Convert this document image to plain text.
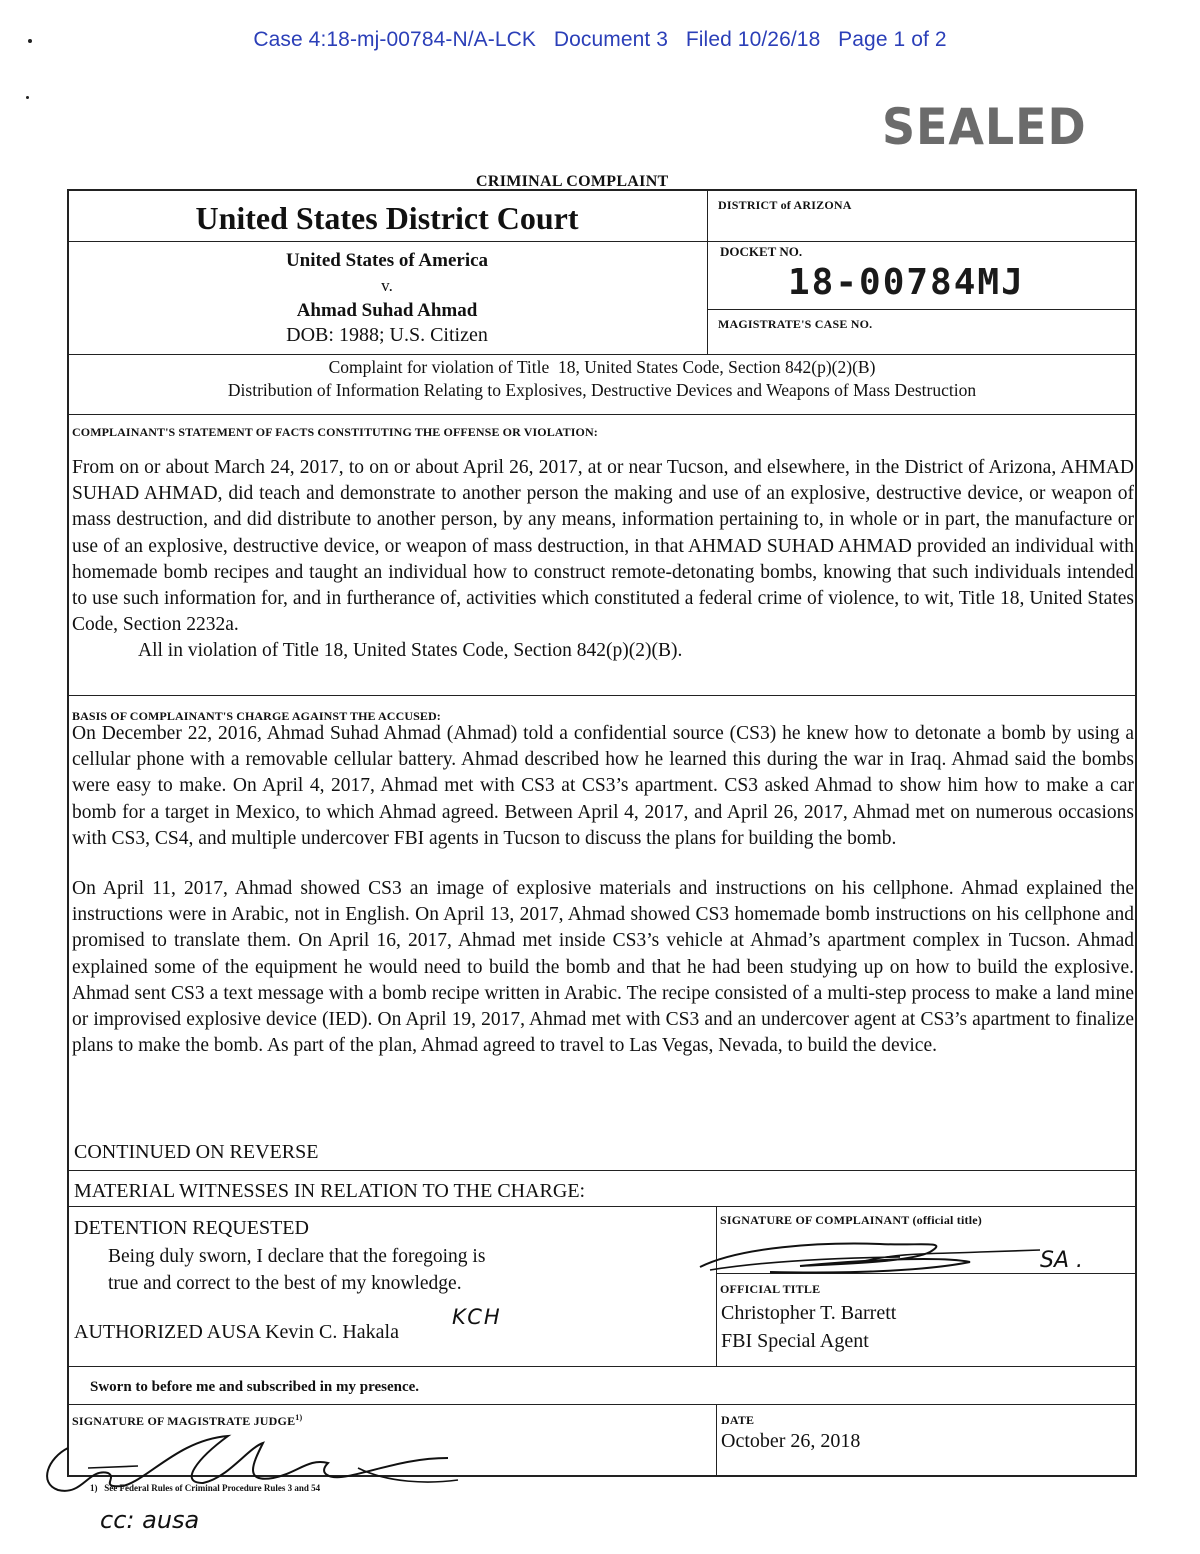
Case 4:18-mj-00784-N/A-LCK   Document 3   Filed 10/26/18   Page 1 of 2
SEALED
CRIMINAL COMPLAINT
United States District Court	DISTRICT of ARIZONA
United States of America
v.
Ahmad Suhad Ahmad
DOB: 1988; U.S. Citizen
DOCKET NO.
18-00784MJ
MAGISTRATE'S CASE NO.
Complaint for violation of Title  18, United States Code, Section 842(p)(2)(B)
Distribution of Information Relating to Explosives, Destructive Devices and Weapons of Mass Destruction
COMPLAINANT'S STATEMENT OF FACTS CONSTITUTING THE OFFENSE OR VIOLATION:

From on or about March 24, 2017, to on or about April 26, 2017, at or near Tucson, and elsewhere, in the District of Arizona, AHMAD SUHAD AHMAD, did teach and demonstrate to another person the making and use of an explosive, destructive device, or weapon of mass destruction, and did distribute to another person, by any means, information pertaining to, in whole or in part, the manufacture or use of an explosive, destructive device, or weapon of mass destruction, in that AHMAD SUHAD AHMAD provided an individual with homemade bomb recipes and taught an individual how to construct remote-detonating bombs, knowing that such individuals intended to use such information for, and in furtherance of, activities which constituted a federal crime of violence, to wit, Title 18, United States Code, Section 2232a.

All in violation of Title 18, United States Code, Section 842(p)(2)(B).

BASIS OF COMPLAINANT'S CHARGE AGAINST THE ACCUSED:

On December 22, 2016, Ahmad Suhad Ahmad (Ahmad) told a confidential source (CS3) he knew how to detonate a bomb by using a cellular phone with a removable cellular battery. Ahmad described how he learned this during the war in Iraq. Ahmad said the bombs were easy to make. On April 4, 2017, Ahmad met with CS3 at CS3’s apartment. CS3 asked Ahmad to show him how to make a car bomb for a target in Mexico, to which Ahmad agreed. Between April 4, 2017, and April 26, 2017, Ahmad met on numerous occasions with CS3, CS4, and multiple undercover FBI agents in Tucson to discuss the plans for building the bomb.

On April 11, 2017, Ahmad showed CS3 an image of explosive materials and instructions on his cellphone. Ahmad explained the instructions were in Arabic, not in English. On April 13, 2017, Ahmad showed CS3 homemade bomb instructions on his cellphone and promised to translate them. On April 16, 2017, Ahmad met inside CS3’s vehicle at Ahmad’s apartment complex in Tucson. Ahmad explained some of the equipment he would need to build the bomb and that he had been studying up on how to build the explosive. Ahmad sent CS3 a text message with a bomb recipe written in Arabic. The recipe consisted of a multi-step process to make a land mine or improvised explosive device (IED). On April 19, 2017, Ahmad met with CS3 and an undercover agent at CS3’s apartment to finalize plans to make the bomb. As part of the plan, Ahmad agreed to travel to Las Vegas, Nevada, to build the device.

CONTINUED ON REVERSE
MATERIAL WITNESSES IN RELATION TO THE CHARGE:
DETENTION REQUESTED
Being duly sworn, I declare that the foregoing is
true and correct to the best of my knowledge.
AUTHORIZED AUSA Kevin C. Hakala
KCH
SIGNATURE OF COMPLAINANT (official title)
SA .
OFFICIAL TITLE
Christopher T. Barrett
FBI Special Agent
Sworn to before me and subscribed in my presence.
SIGNATURE OF MAGISTRATE JUDGE$^{1)}$
1) See Federal Rules of Criminal Procedure Rules 3 and 54
DATE
October 26, 2018
cc: ausa
